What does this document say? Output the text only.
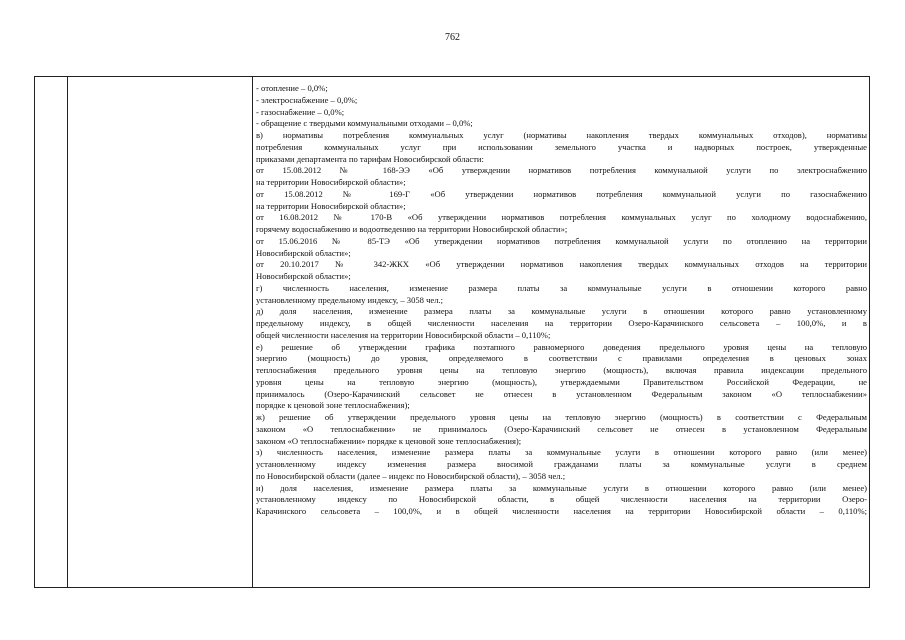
762
- отопление – 0,0%;
- электроснабжение – 0,0%;
- газоснабжение – 0,0%;
- обращение с твердыми коммунальными отходами – 0,0%;
в) нормативы потребления коммунальных услуг (нормативы накопления твердых коммунальных отходов), нормативы
потребления коммунальных услуг при использовании земельного участка и надворных построек, утвержденные
приказами департамента по тарифам Новосибирской области:
от 15.08.2012 № 168-ЭЭ «Об утверждении нормативов потребления коммунальной услуги по электроснабжению
на территории Новосибирской области»;
от 15.08.2012 № 169-Г «Об утверждении нормативов потребления коммунальной услуги по газоснабжению
на территории Новосибирской области»;
от 16.08.2012 № 170-В «Об утверждении нормативов потребления коммунальных услуг по холодному водоснабжению,
горячему водоснабжению и водоотведению на территории Новосибирской области»;
от 15.06.2016 № 85-ТЭ «Об утверждении нормативов потребления коммунальной услуги по отоплению на территории
Новосибирской области»;
от 20.10.2017 № 342-ЖКХ «Об утверждении нормативов накопления твердых коммунальных отходов на территории
Новосибирской области»;
г) численность населения, изменение размера платы за коммунальные услуги в отношении которого равно
установленному предельному индексу, – 3058 чел.;
д) доля населения, изменение размера платы за коммунальные услуги в отношении которого равно установленному
предельному индексу, в общей численности населения на территории Озеро-Карачинского сельсовета – 100,0%, и в
общей численности населения на территории Новосибирской области – 0,110%;
е) решение об утверждении графика поэтапного равномерного доведения предельного уровня цены на тепловую
энергию (мощность) до уровня, определяемого в соответствии с правилами определения в ценовых зонах
теплоснабжения предельного уровня цены на тепловую энергию (мощность), включая правила индексации предельного
уровня цены на тепловую энергию (мощность), утверждаемыми Правительством Российской Федерации, не
принималось (Озеро-Карачинский сельсовет не отнесен в установленном Федеральным законом «О теплоснабжении»
порядке к ценовой зоне теплоснабжения);
ж) решение об утверждении предельного уровня цены на тепловую энергию (мощность) в соответствии с Федеральным
законом «О теплоснабжении» не принималось (Озеро-Карачинский сельсовет не отнесен в установленном Федеральным
законом «О теплоснабжении» порядке к ценовой зоне теплоснабжения);
з) численность населения, изменение размера платы за коммунальные услуги в отношении которого равно (или менее)
установленному индексу изменения размера вносимой гражданами платы за коммунальные услуги в среднем
по Новосибирской области (далее – индекс по Новосибирской области), – 3058 чел.;
и) доля населения, изменение размера платы за коммунальные услуги в отношении которого равно (или менее)
установленному индексу по Новосибирской области, в общей численности населения на территории Озеро-
Карачинского сельсовета – 100,0%, и в общей численности населения на территории Новосибирской области – 0,110%;
